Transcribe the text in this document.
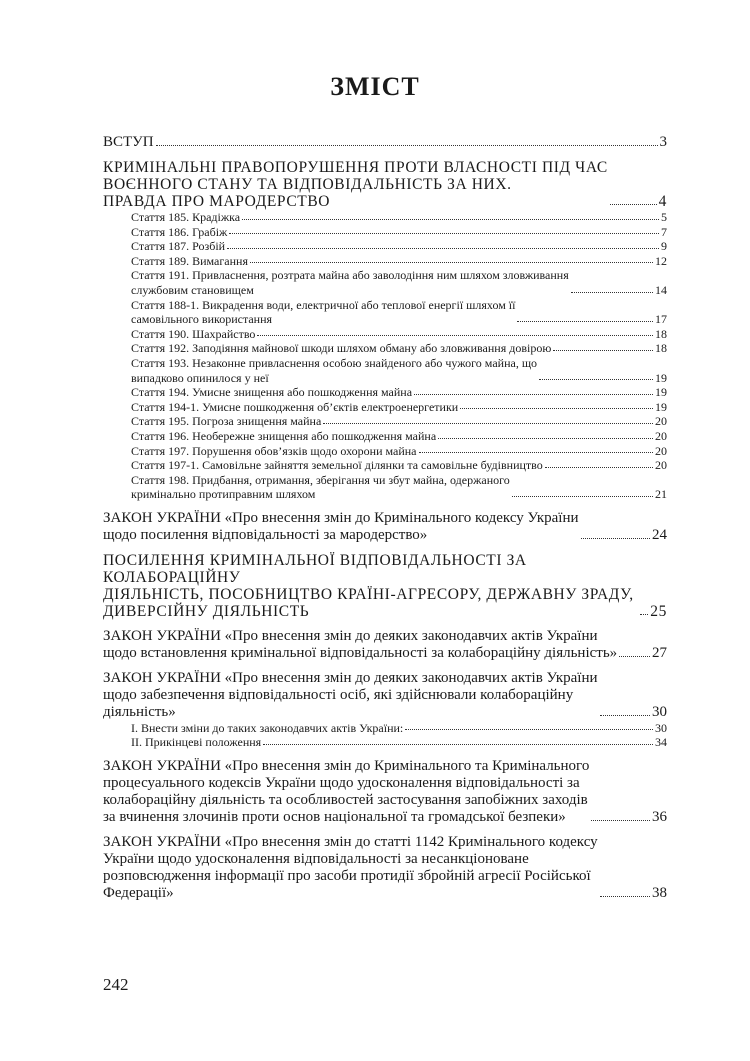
ЗМІСТ
ВСТУП	3
КРИМІНАЛЬНІ ПРАВОПОРУШЕННЯ ПРОТИ ВЛАСНОСТІ ПІД ЧАС
ВОЄННОГО СТАНУ ТА ВІДПОВІДАЛЬНІСТЬ ЗА НИХ.
ПРАВДА ПРО МАРОДЕРСТВО	4
Стаття 185. Крадіжка	5
Стаття 186. Грабіж	7
Стаття 187. Розбій	9
Стаття 189. Вимагання	12
Стаття 191. Привласнення, розтрата майна або заволодіння ним шляхом зловживання
службовим становищем	14
Стаття 188-1. Викрадення води, електричної або теплової енергії шляхом її
самовільного використання	17
Стаття 190. Шахрайство	18
Стаття 192. Заподіяння майнової шкоди шляхом обману або зловживання довірою	18
Стаття 193. Незаконне привласнення особою знайденого або чужого майна, що
випадково опинилося у неї	19
Стаття 194. Умисне знищення або пошкодження майна	19
Стаття 194-1. Умисне пошкодження об’єктів електроенергетики	19
Стаття 195. Погроза знищення майна	20
Стаття 196. Необережне знищення або пошкодження майна	20
Стаття 197. Порушення обов’язків щодо охорони майна	20
Стаття 197-1. Самовільне зайняття земельної ділянки та самовільне будівництво	20
Стаття 198. Придбання, отримання, зберігання чи збут майна, одержаного
кримінально протиправним шляхом	21
ЗАКОН УКРАЇНИ «Про внесення змін до Кримінального кодексу України
щодо посилення відповідальності за мародерство»	24
ПОСИЛЕННЯ КРИМІНАЛЬНОЇ ВІДПОВІДАЛЬНОСТІ ЗА КОЛАБОРАЦІЙНУ
ДІЯЛЬНІСТЬ, ПОСОБНИЦТВО КРАЇНІ-АГРЕСОРУ, ДЕРЖАВНУ ЗРАДУ,
ДИВЕРСІЙНУ ДІЯЛЬНІСТЬ	25
ЗАКОН УКРАЇНИ «Про внесення змін до деяких законодавчих актів України
щодо встановлення кримінальної відповідальності за колабораційну діяльність» 27
ЗАКОН УКРАЇНИ «Про внесення змін до деяких законодавчих актів України
щодо забезпечення відповідальності осіб, які здійснювали колабораційну
діяльність»	30
I. Внести зміни до таких законодавчих актів України:	30
II. Прикінцеві положення	34
ЗАКОН УКРАЇНИ «Про внесення змін до Кримінального та Кримінального
процесуального кодексів України щодо удосконалення відповідальності за
колабораційну діяльність та особливостей застосування запобіжних заходів
за вчинення злочинів проти основ національної та громадської безпеки»	36
ЗАКОН УКРАЇНИ «Про внесення змін до статті 1142 Кримінального кодексу
України щодо удосконалення відповідальності за несанкціоноване
розповсюдження інформації про засоби протидії збройній агресії Російської
Федерації»	38
242
